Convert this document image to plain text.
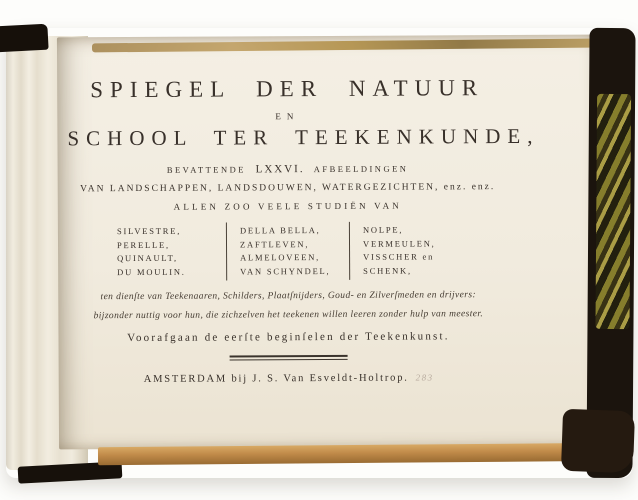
SPIEGEL DER NATUUR
EN
SCHOOL TER TEEKENKUNDE,
BEVATTENDE LXXVI. AFBEELDINGEN
VAN LANDSCHAPPEN, LANDSDOUWEN, WATERGEZICHTEN, enz. enz.
ALLEN ZOO VEELE STUDIËN VAN
SILVESTRE,
PERELLE,
QUINAULT,
DU MOULIN.
DELLA BELLA,
ZAFTLEVEN,
ALMELOVEEN,
VAN SCHYNDEL,
NOLPE,
VERMEULEN,
VISSCHER en
SCHENK,
ten dienſte van Teekenaaren, Schilders, Plaatſnijders, Goud- en Zilverſmeden en drijvers:
bijzonder nuttig voor hun, die zichzelven het teekenen willen leeren zonder hulp van meester.
Voorafgaan de eerſte beginſelen der Teekenkunst.
AMSTERDAM bij J. S. Van Esveldt-Holtrop. 283
